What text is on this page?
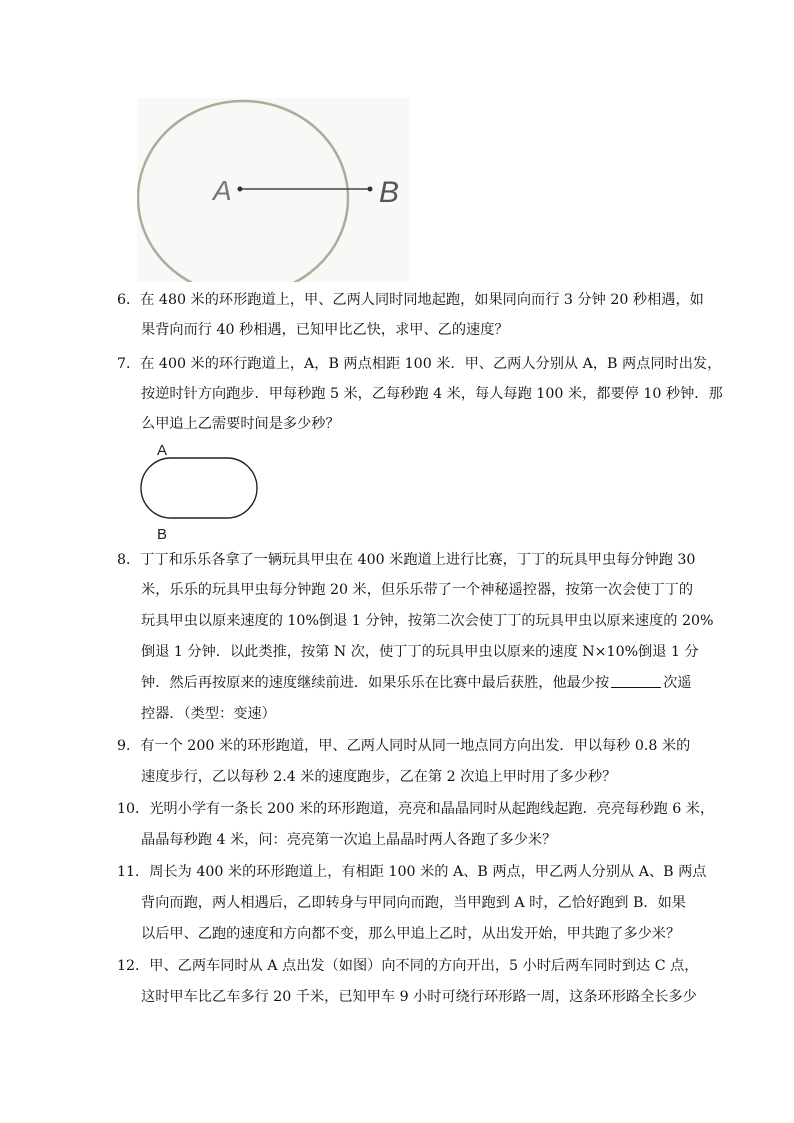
A	B
6．在 480 米的环形跑道上，甲、乙两人同时同地起跑，如果同向而行 3 分钟 20 秒相遇，如
果背向而行 40 秒相遇，已知甲比乙快，求甲、乙的速度？
7．在 400 米的环行跑道上，A，B 两点相距 100 米．甲、乙两人分别从 A，B 两点同时出发，
按逆时针方向跑步．甲每秒跑 5 米，乙每秒跑 4 米，每人每跑 100 米，都要停 10 秒钟．那
么甲追上乙需要时间是多少秒？
A
B
8．丁丁和乐乐各拿了一辆玩具甲虫在 400 米跑道上进行比赛，丁丁的玩具甲虫每分钟跑 30
米，乐乐的玩具甲虫每分钟跑 20 米，但乐乐带了一个神秘遥控器，按第一次会使丁丁的
玩具甲虫以原来速度的 10%倒退 1 分钟，按第二次会使丁丁的玩具甲虫以原来速度的 20%
倒退 1 分钟．以此类推，按第 N 次，使丁丁的玩具甲虫以原来的速度 N×10%倒退 1 分
钟．然后再按原来的速度继续前进．如果乐乐在比赛中最后获胜，他最少按	次遥
控器．（类型：变速）
9．有一个 200 米的环形跑道，甲、乙两人同时从同一地点同方向出发．甲以每秒 0.8 米的
速度步行，乙以每秒 2.4 米的速度跑步，乙在第 2 次追上甲时用了多少秒？
10．光明小学有一条长 200 米的环形跑道，亮亮和晶晶同时从起跑线起跑．亮亮每秒跑 6 米，
晶晶每秒跑 4 米，问：亮亮第一次追上晶晶时两人各跑了多少米？
11．周长为 400 米的环形跑道上，有相距 100 米的 A、B 两点，甲乙两人分别从 A、B 两点
背向而跑，两人相遇后，乙即转身与甲同向而跑，当甲跑到 A 时，乙恰好跑到 B．如果
以后甲、乙跑的速度和方向都不变，那么甲追上乙时，从出发开始，甲共跑了多少米？
12．甲、乙两车同时从 A 点出发（如图）向不同的方向开出，5 小时后两车同时到达 C 点，
这时甲车比乙车多行 20 千米，已知甲车 9 小时可绕行环形路一周，这条环形路全长多少
